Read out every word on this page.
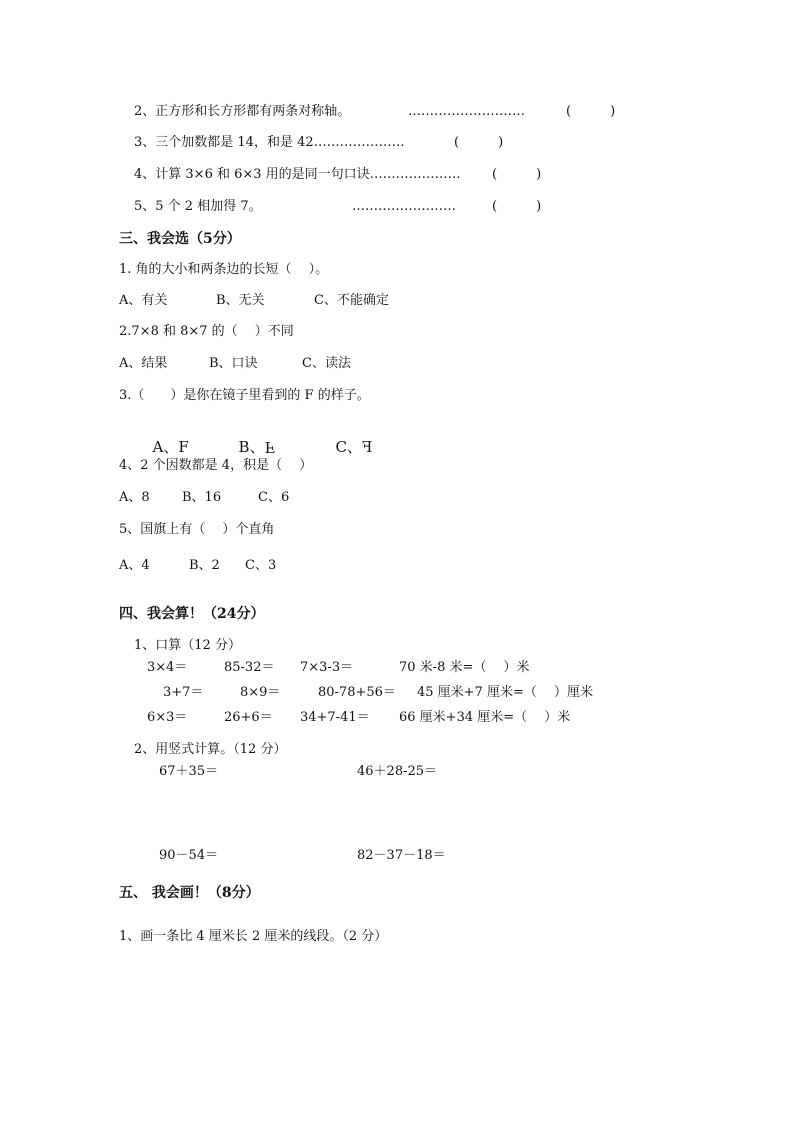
2、正方形和长方形都有两条对称轴。	………………………	(　　　)
3、三个加数都是 14，和是 42…………………	(　　　)
4、计算 3×6 和 6×3 用的是同一句口诀………………… (　　　)
5、5 个 2 相加得 7。	……………………	(　　　)
三、我会选（5分）
1. 角的大小和两条边的长短（　 ）。
A、有关	B、无关	C、不能确定
2.7×8 和 8×7 的（　 ）不同
A、结果	B、口诀	C、读法
3.（　　）是你在镜子里看到的 F 的样子。

A、F	B、F	C、F

4、2 个因数都是 4，积是（　 ）
A、8 B、16	C、6
5、国旗上有（　 ）个直角
A、4	B、2 C、3
四、我会算！（24分）
1、口算（12 分）
3×4＝	85-32＝ 7×3-3＝	70 米-8 米=（　 ）米
3+7＝	8×9＝	80-78+56＝ 45 厘米+7 厘米=（　 ）厘米
6×3＝	26+6＝ 34+7-41＝ 66 厘米+34 厘米=（　 ）米
2、用竖式计算。（12 分）
67＋35＝	46＋28-25＝
90－54＝	82－37－18＝
五、 我会画！（8分）
1、画一条比 4 厘米长 2 厘米的线段。（2 分）
